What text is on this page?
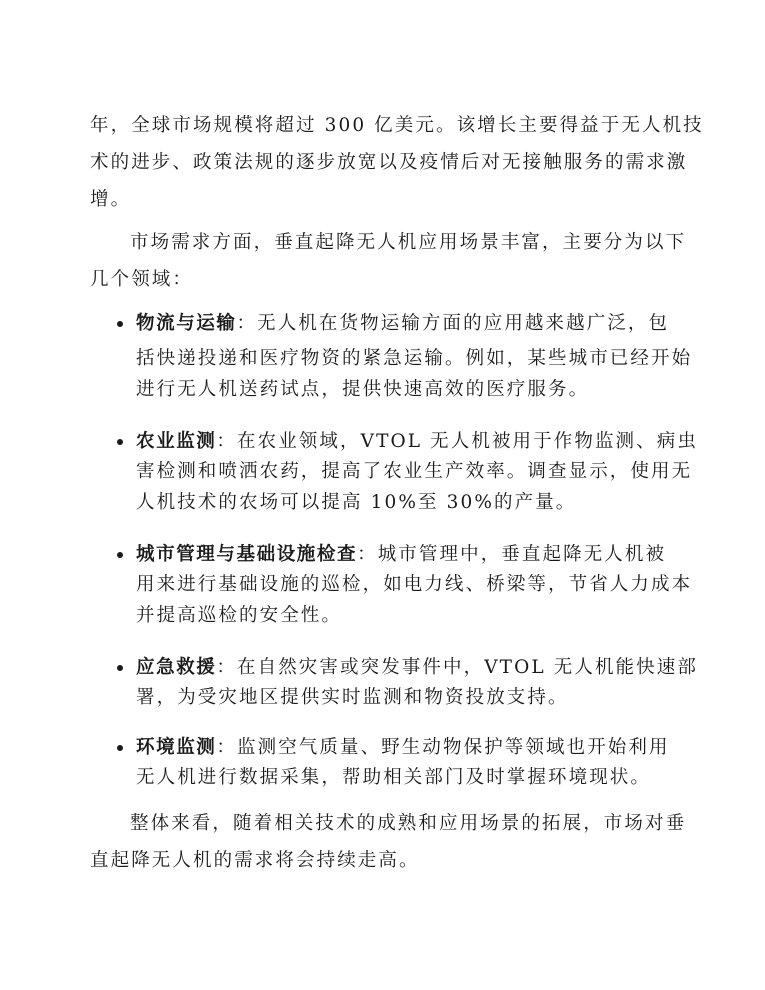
年，全球市场规模将超过 300 亿美元。该增长主要得益于无人机技
术的进步、政策法规的逐步放宽以及疫情后对无接触服务的需求激
增。
市场需求方面，垂直起降无人机应用场景丰富，主要分为以下
几个领域：
物流与运输：无人机在货物运输方面的应用越来越广泛，包
括快递投递和医疗物资的紧急运输。例如，某些城市已经开始
进行无人机送药试点，提供快速高效的医疗服务。
农业监测：在农业领域，VTOL 无人机被用于作物监测、病虫
害检测和喷洒农药，提高了农业生产效率。调查显示，使用无
人机技术的农场可以提高 10%至 30%的产量。
城市管理与基础设施检查：城市管理中，垂直起降无人机被
用来进行基础设施的巡检，如电力线、桥梁等，节省人力成本
并提高巡检的安全性。
应急救援：在自然灾害或突发事件中，VTOL 无人机能快速部
署，为受灾地区提供实时监测和物资投放支持。
环境监测：监测空气质量、野生动物保护等领域也开始利用
无人机进行数据采集，帮助相关部门及时掌握环境现状。
整体来看，随着相关技术的成熟和应用场景的拓展，市场对垂
直起降无人机的需求将会持续走高。
